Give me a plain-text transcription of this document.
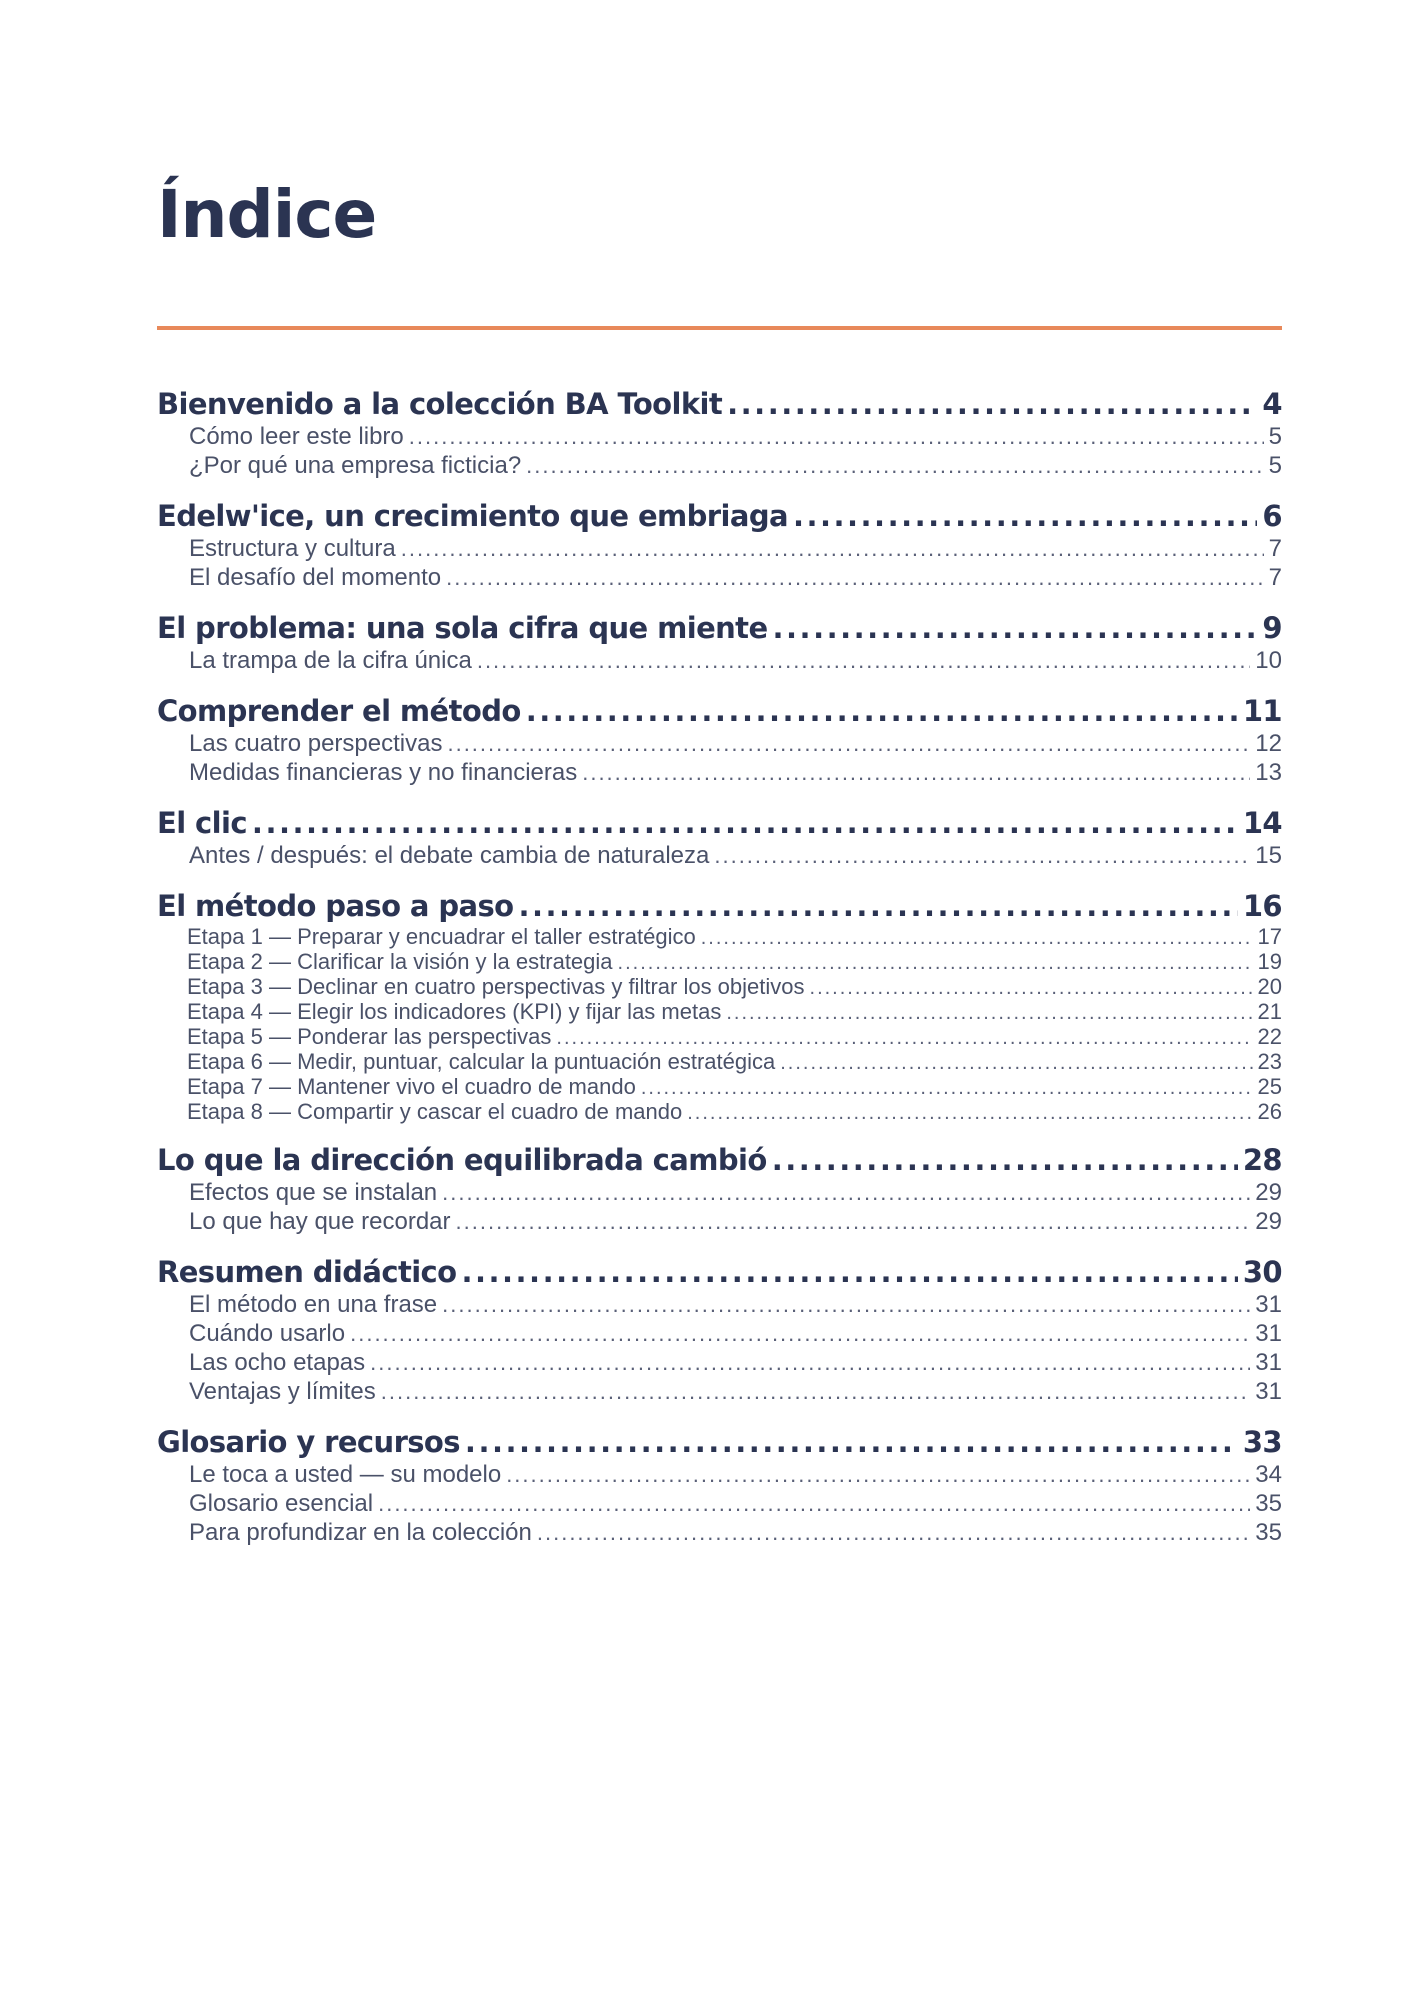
Índice
Bienvenido a la colección BA Toolkit .....	4
Cómo leer este libro .....	5
¿Por qué una empresa ficticia? .....	5
Edelw'ice, un crecimiento que embriaga .....	6
Estructura y cultura .....	7
El desafío del momento .....	7
El problema: una sola cifra que miente .....	9
La trampa de la cifra única .....	10
Comprender el método .....	11
Las cuatro perspectivas .....	12
Medidas financieras y no financieras .....	13
El clic .....	14
Antes / después: el debate cambia de naturaleza .....	15
El método paso a paso .....	16
Etapa 1 — Preparar y encuadrar el taller estratégico .....	17
Etapa 2 — Clarificar la visión y la estrategia .....	19
Etapa 3 — Declinar en cuatro perspectivas y filtrar los objetivos .....	20
Etapa 4 — Elegir los indicadores (KPI) y fijar las metas .....	21
Etapa 5 — Ponderar las perspectivas .....	22
Etapa 6 — Medir, puntuar, calcular la puntuación estratégica .....	23
Etapa 7 — Mantener vivo el cuadro de mando .....	25
Etapa 8 — Compartir y cascar el cuadro de mando .....	26
Lo que la dirección equilibrada cambió .....	28
Efectos que se instalan .....	29
Lo que hay que recordar .....	29
Resumen didáctico .....	30
El método en una frase .....	31
Cuándo usarlo .....	31
Las ocho etapas .....	31
Ventajas y límites .....	31
Glosario y recursos .....	33
Le toca a usted — su modelo .....	34
Glosario esencial .....	35
Para profundizar en la colección .....	35
